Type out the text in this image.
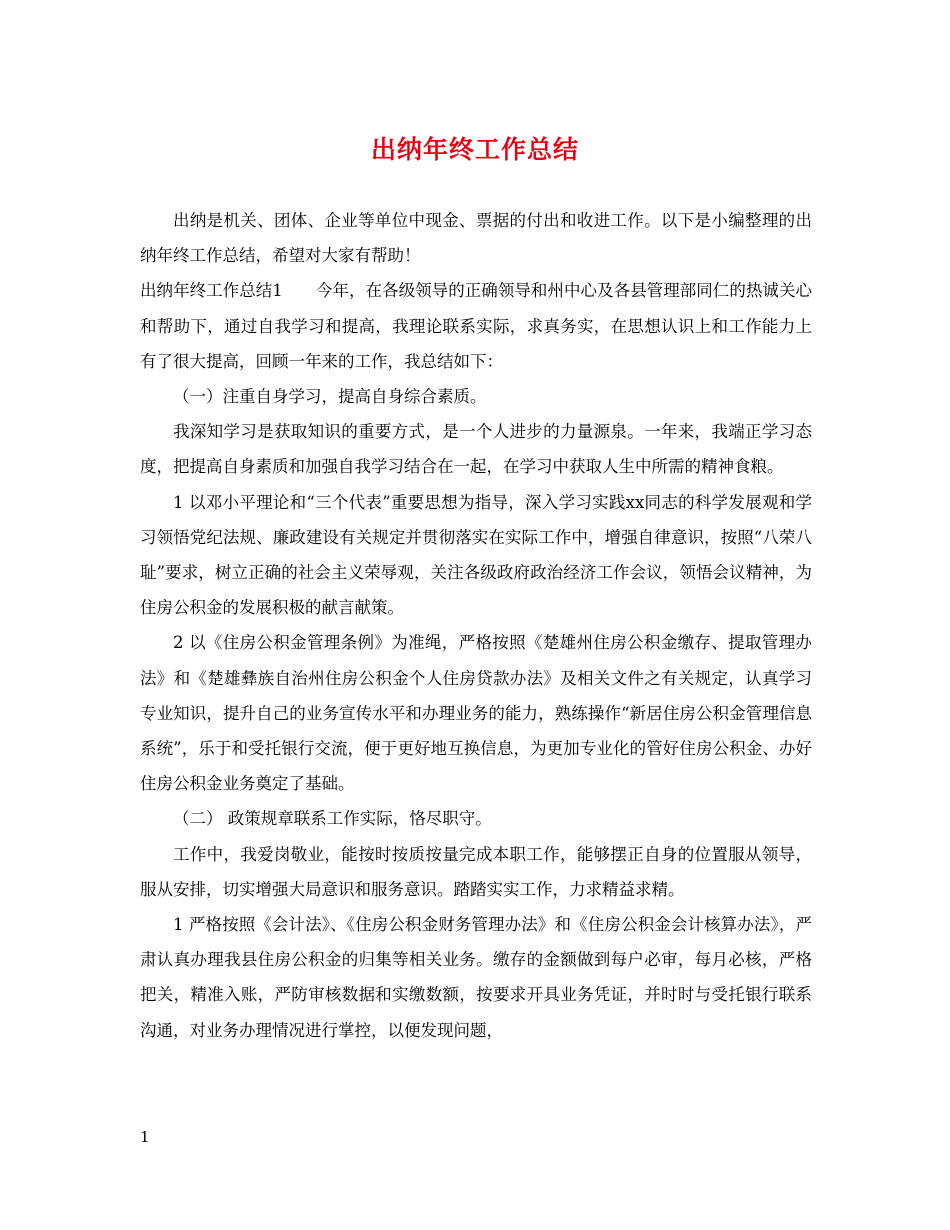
出纳年终工作总结

出纳是机关、团体、企业等单位中现金、票据的付出和收进工作。以下是小编整理的出纳年终工作总结，希望对大家有帮助！

出纳年终工作总结1　　今年，在各级领导的正确领导和州中心及各县管理部同仁的热诚关心和帮助下，通过自我学习和提高，我理论联系实际，求真务实，在思想认识上和工作能力上有了很大提高，回顾一年来的工作，我总结如下：

（一）注重自身学习，提高自身综合素质。

我深知学习是获取知识的重要方式，是一个人进步的力量源泉。一年来，我端正学习态度，把提高自身素质和加强自我学习结合在一起，在学习中获取人生中所需的精神食粮。

1 以邓小平理论和“三个代表”重要思想为指导，深入学习实践xx同志的科学发展观和学习领悟党纪法规、廉政建设有关规定并贯彻落实在实际工作中，增强自律意识，按照“八荣八耻”要求，树立正确的社会主义荣辱观，关注各级政府政治经济工作会议，领悟会议精神，为住房公积金的发展积极的献言献策。

2 以《住房公积金管理条例》为准绳，严格按照《楚雄州住房公积金缴存、提取管理办法》和《楚雄彝族自治州住房公积金个人住房贷款办法》及相关文件之有关规定，认真学习专业知识，提升自己的业务宣传水平和办理业务的能力，熟练操作“新居住房公积金管理信息系统”，乐于和受托银行交流，便于更好地互换信息，为更加专业化的管好住房公积金、办好住房公积金业务奠定了基础。

（二） 政策规章联系工作实际，恪尽职守。

工作中，我爱岗敬业，能按时按质按量完成本职工作，能够摆正自身的位置服从领导，服从安排，切实增强大局意识和服务意识。踏踏实实工作，力求精益求精。

1 严格按照《会计法》、《住房公积金财务管理办法》和《住房公积金会计核算办法》，严肃认真办理我县住房公积金的归集等相关业务。缴存的金额做到每户必审，每月必核，严格把关，精准入账，严防审核数据和实缴数额，按要求开具业务凭证，并时时与受托银行联系沟通，对业务办理情况进行掌控，以便发现问题，

1
